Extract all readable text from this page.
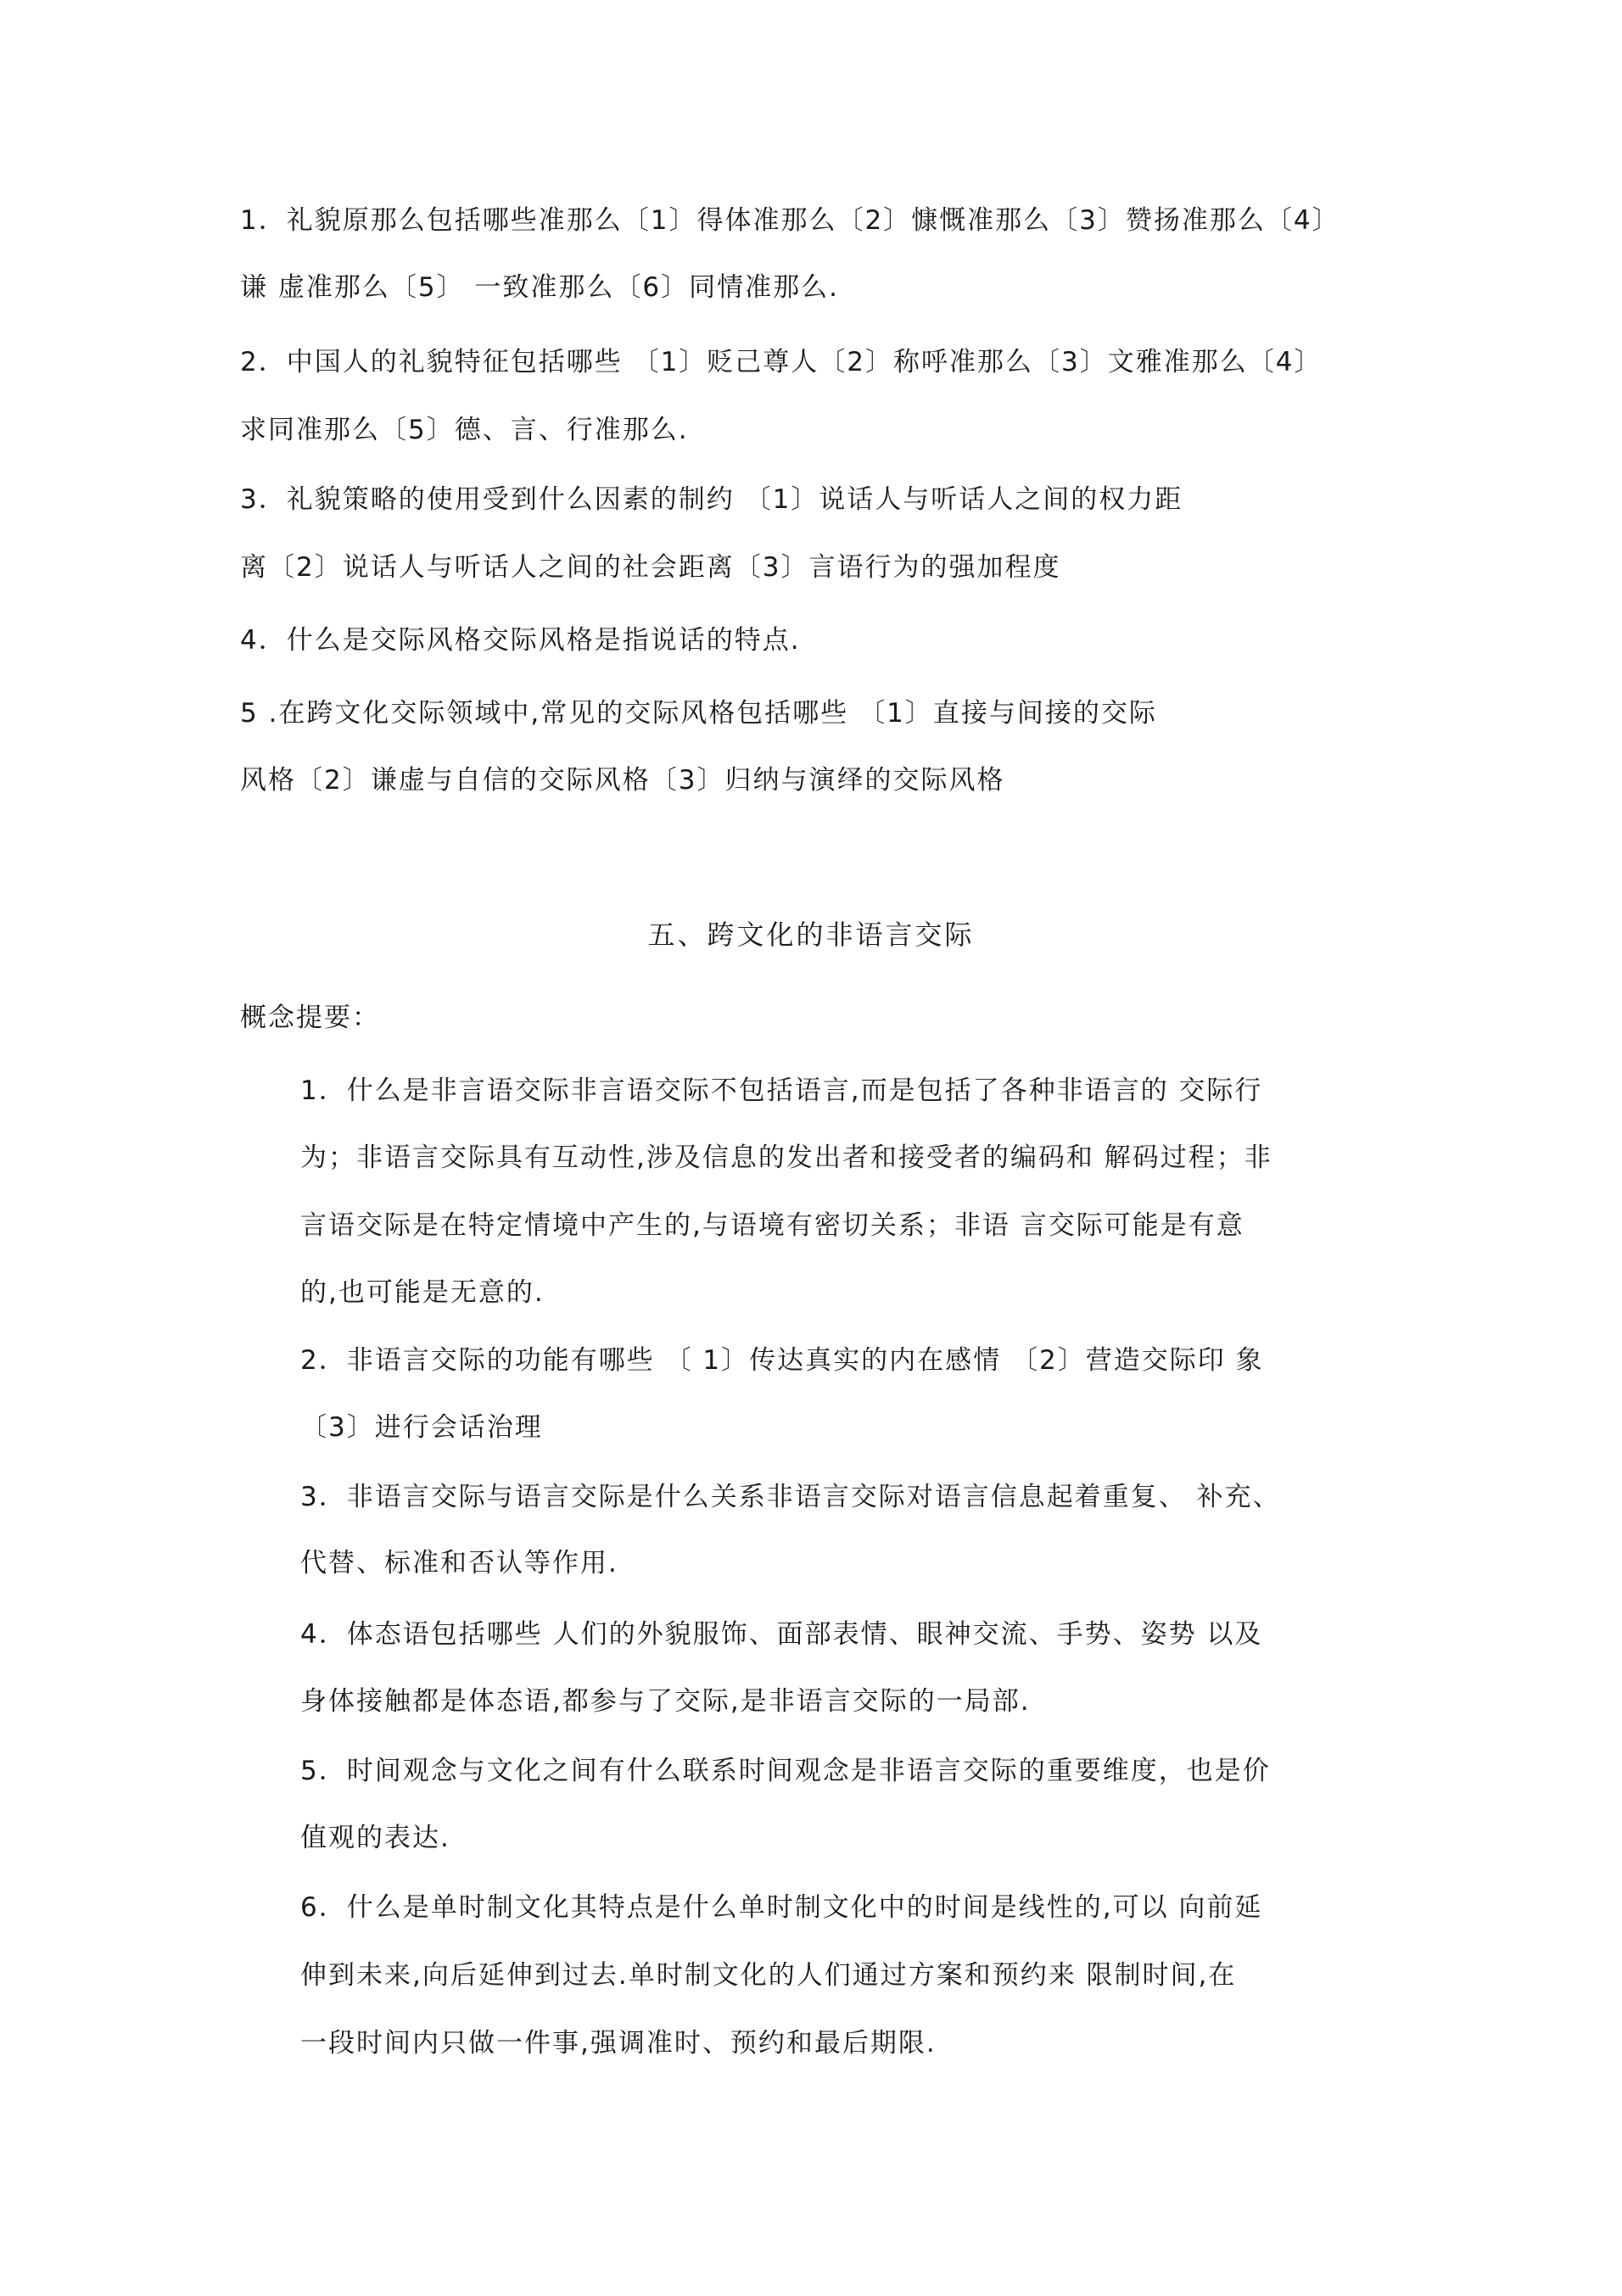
1．礼貌原那么包括哪些准那么〔1〕得体准那么〔2〕慷慨准那么〔3〕赞扬准那么〔4〕
谦 虚准那么〔5〕 一致准那么〔6〕同情准那么.
2．中国人的礼貌特征包括哪些 〔1〕贬己尊人〔2〕称呼准那么〔3〕文雅准那么〔4〕
求同准那么〔5〕德、言、行准那么.
3．礼貌策略的使用受到什么因素的制约 〔1〕说话人与听话人之间的权力距
离〔2〕说话人与听话人之间的社会距离〔3〕言语行为的强加程度
4．什么是交际风格交际风格是指说话的特点.
5 .在跨文化交际领域中,常见的交际风格包括哪些 〔1〕直接与间接的交际
风格〔2〕谦虚与自信的交际风格〔3〕归纳与演绎的交际风格
五、跨文化的非语言交际
概念提要：
1．什么是非言语交际非言语交际不包括语言,而是包括了各种非语言的 交际行
为；非语言交际具有互动性,涉及信息的发出者和接受者的编码和 解码过程；非
言语交际是在特定情境中产生的,与语境有密切关系；非语 言交际可能是有意
的,也可能是无意的.
2．非语言交际的功能有哪些 〔 1〕传达真实的内在感情 〔2〕营造交际印 象
〔3〕进行会话治理
3．非语言交际与语言交际是什么关系非语言交际对语言信息起着重复、 补充、
代替、标准和否认等作用.
4．体态语包括哪些 人们的外貌服饰、面部表情、眼神交流、手势、姿势 以及
身体接触都是体态语,都参与了交际,是非语言交际的一局部.
5．时间观念与文化之间有什么联系时间观念是非语言交际的重要维度，也是价
值观的表达.
6．什么是单时制文化其特点是什么单时制文化中的时间是线性的,可以 向前延
伸到未来,向后延伸到过去.单时制文化的人们通过方案和预约来 限制时间,在
一段时间内只做一件事,强调准时、预约和最后期限.
